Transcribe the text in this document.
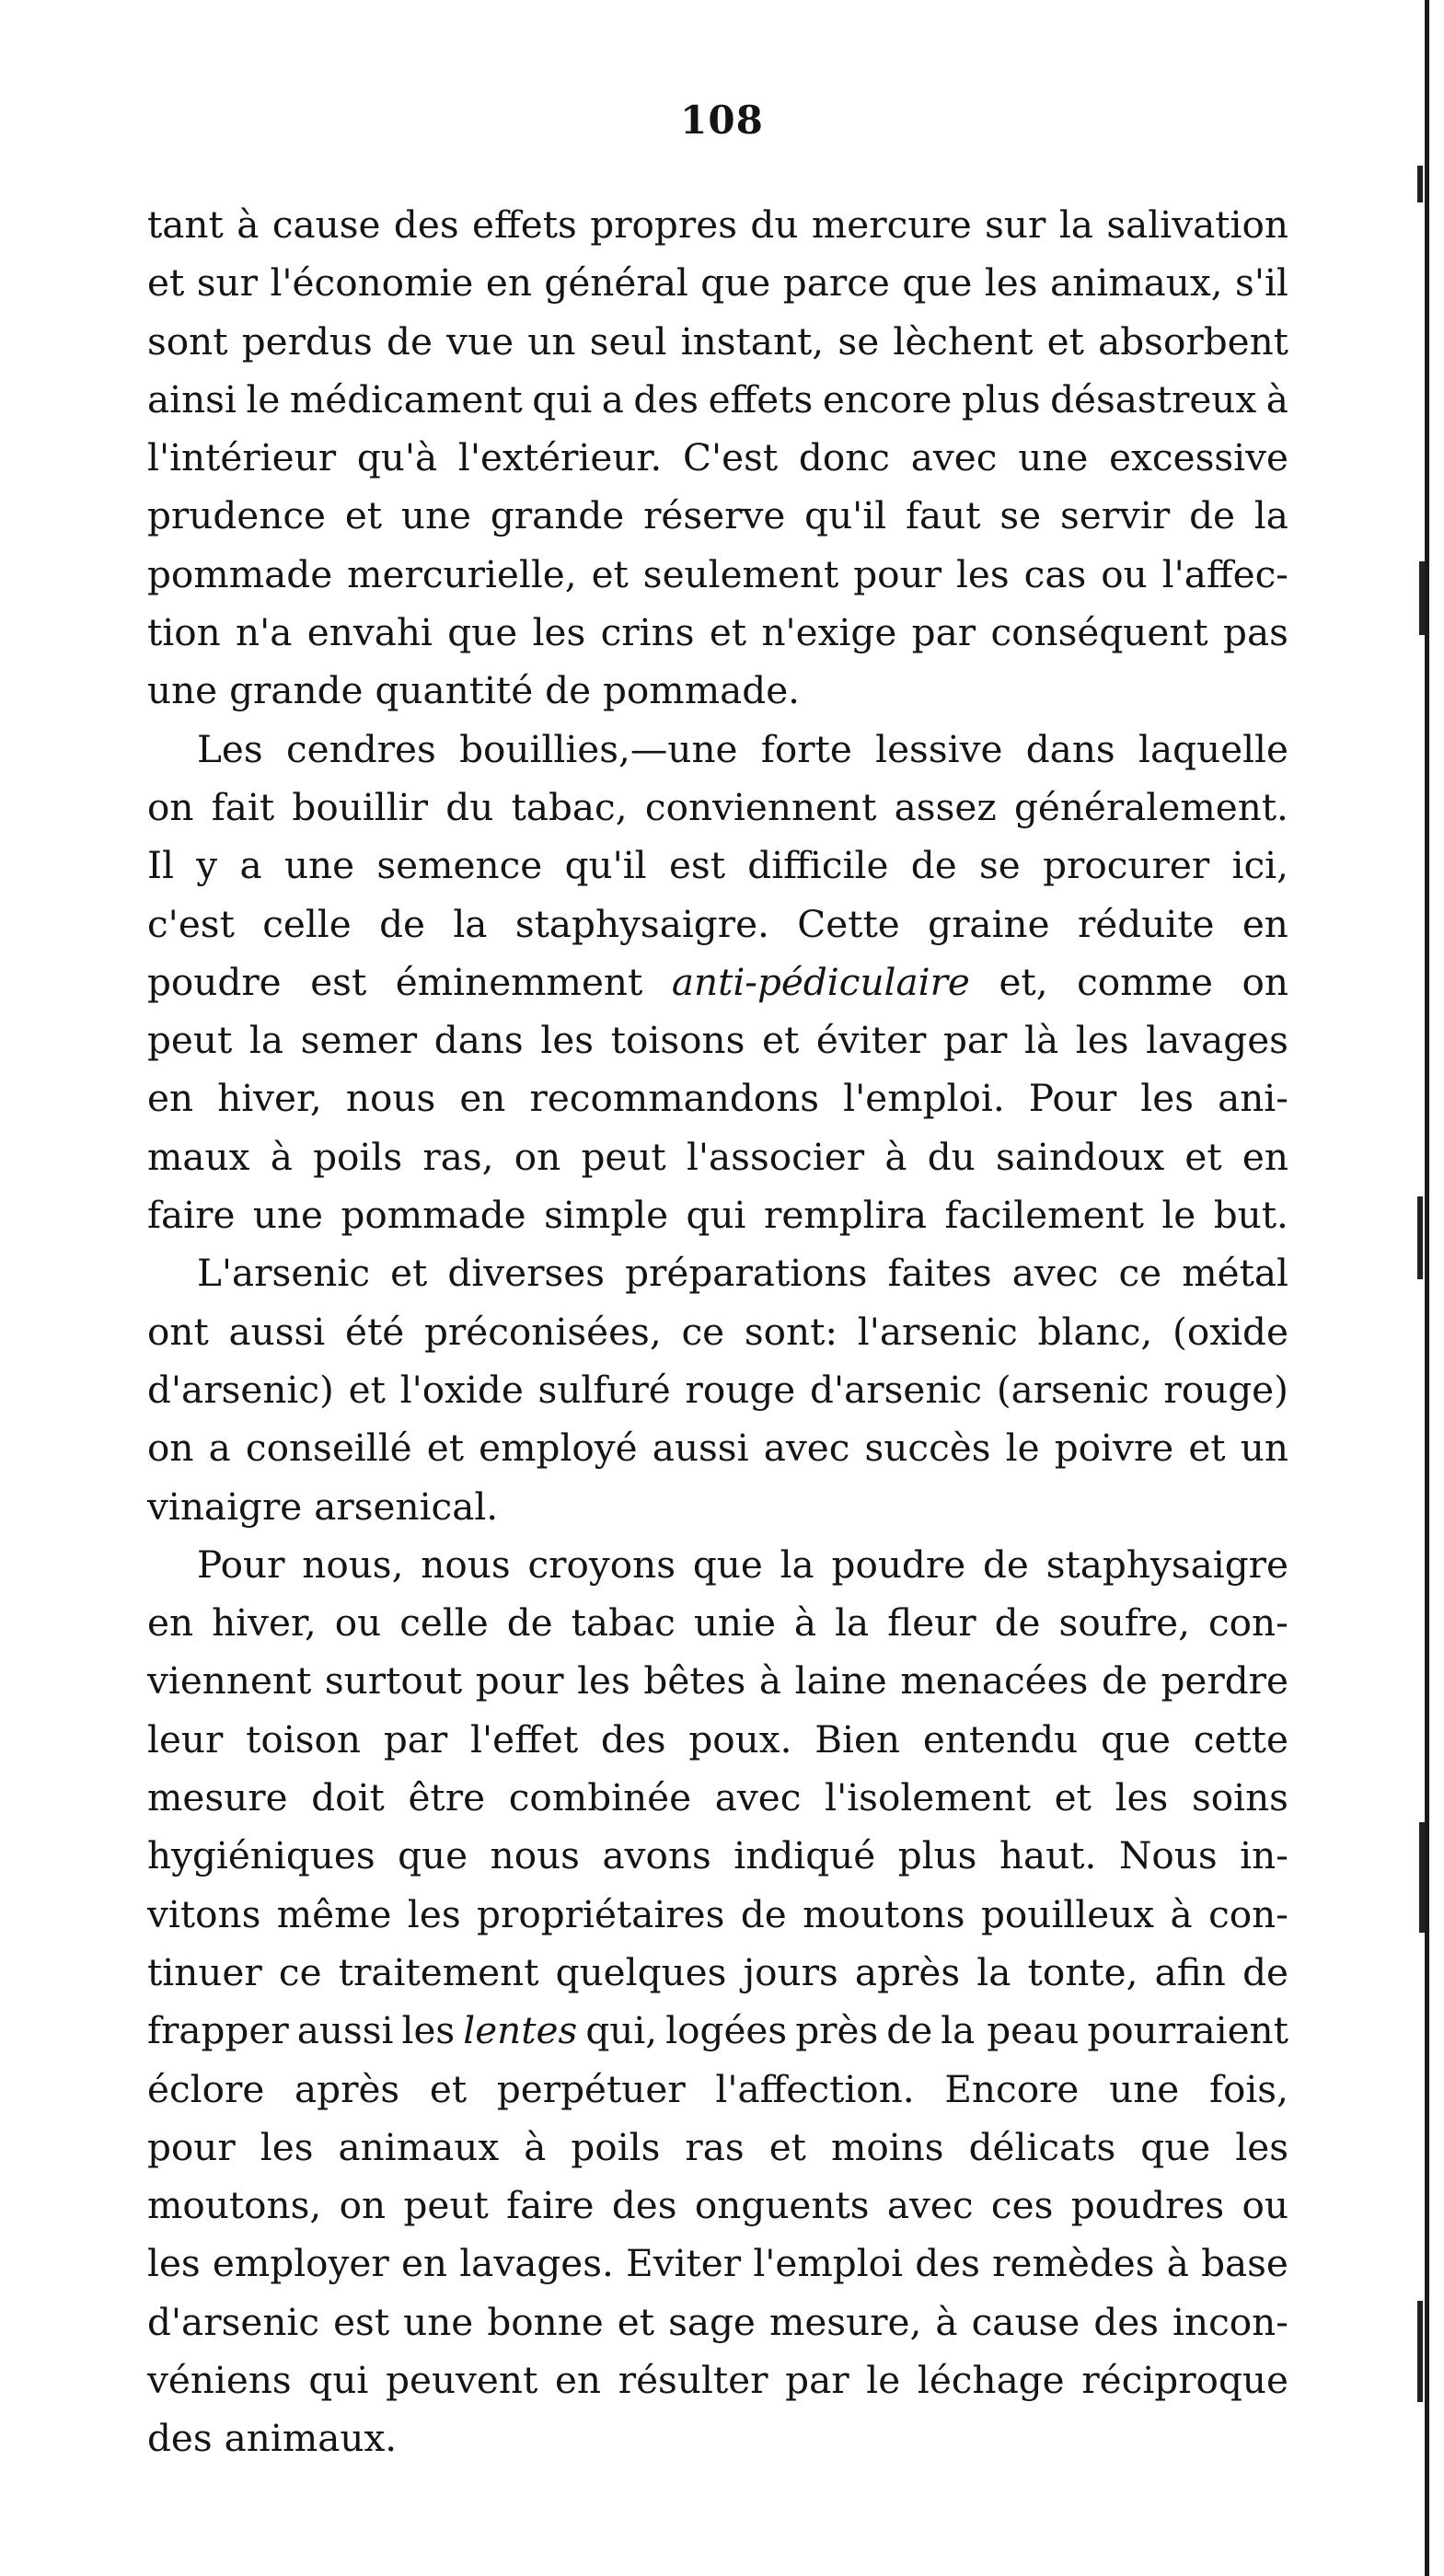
108
tant à cause des effets propres du mercure sur la salivation
et sur l'économie en général que parce que les animaux, s'il
sont perdus de vue un seul instant, se lèchent et absorbent
ainsi le médicament qui a des effets encore plus désastreux à
l'intérieur qu'à l'extérieur. C'est donc avec une excessive
prudence et une grande réserve qu'il faut se servir de la
pommade mercurielle, et seulement pour les cas ou l'affec-
tion n'a envahi que les crins et n'exige par conséquent pas
une grande quantité de pommade.
Les cendres bouillies,—une forte lessive dans laquelle
on fait bouillir du tabac, conviennent assez généralement.
Il y a une semence qu'il est difficile de se procurer ici,
c'est celle de la staphysaigre. Cette graine réduite en
poudre est éminemment anti-pédiculaire et, comme on
peut la semer dans les toisons et éviter par là les lavages
en hiver, nous en recommandons l'emploi. Pour les ani-
maux à poils ras, on peut l'associer à du saindoux et en
faire une pommade simple qui remplira facilement le but.
L'arsenic et diverses préparations faites avec ce métal
ont aussi été préconisées, ce sont: l'arsenic blanc, (oxide
d'arsenic) et l'oxide sulfuré rouge d'arsenic (arsenic rouge)
on a conseillé et employé aussi avec succès le poivre et un
vinaigre arsenical.
Pour nous, nous croyons que la poudre de staphysaigre
en hiver, ou celle de tabac unie à la fleur de soufre, con-
viennent surtout pour les bêtes à laine menacées de perdre
leur toison par l'effet des poux. Bien entendu que cette
mesure doit être combinée avec l'isolement et les soins
hygiéniques que nous avons indiqué plus haut. Nous in-
vitons même les propriétaires de moutons pouilleux à con-
tinuer ce traitement quelques jours après la tonte, afin de
frapper aussi les lentes qui, logées près de la peau pourraient
éclore après et perpétuer l'affection. Encore une fois,
pour les animaux à poils ras et moins délicats que les
moutons, on peut faire des onguents avec ces poudres ou
les employer en lavages. Eviter l'emploi des remèdes à base
d'arsenic est une bonne et sage mesure, à cause des incon-
véniens qui peuvent en résulter par le léchage réciproque
des animaux.
